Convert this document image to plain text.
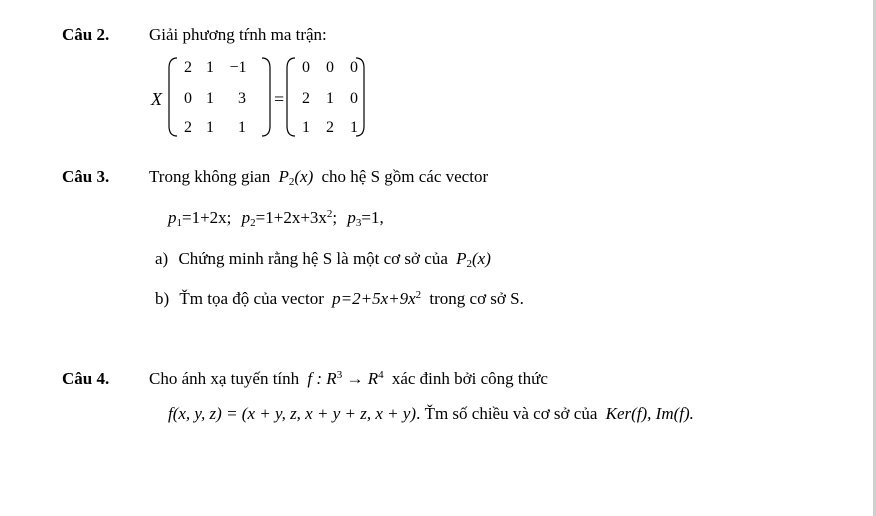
Câu 2. Giải phương tŕnh ma trận:
X
2 1 −1
0 1	3
2 1	1
=
0	0	0
2	1	0
1	2	1
Câu 3. Trong không gian $P_2(x)$ cho hệ S gồm các vector
$p_1=1+2x$; $p_2=1+2x+3x^2$; $p_3=1$,
a) Chứng minh rằng hệ S là một cơ sở của $P_2(x)$
b) Ťm tọa độ của vector $p=2+5x+9x^2$ trong cơ sở S.
Câu 4. Cho ánh xạ tuyến tính f : $R^3 \to R^4$ xác đinh bởi công thức
f(x, y, z) = (x + y, z, x + y + z, x + y). Ťm số chiều và cơ sở của Ker(f), Im(f).
